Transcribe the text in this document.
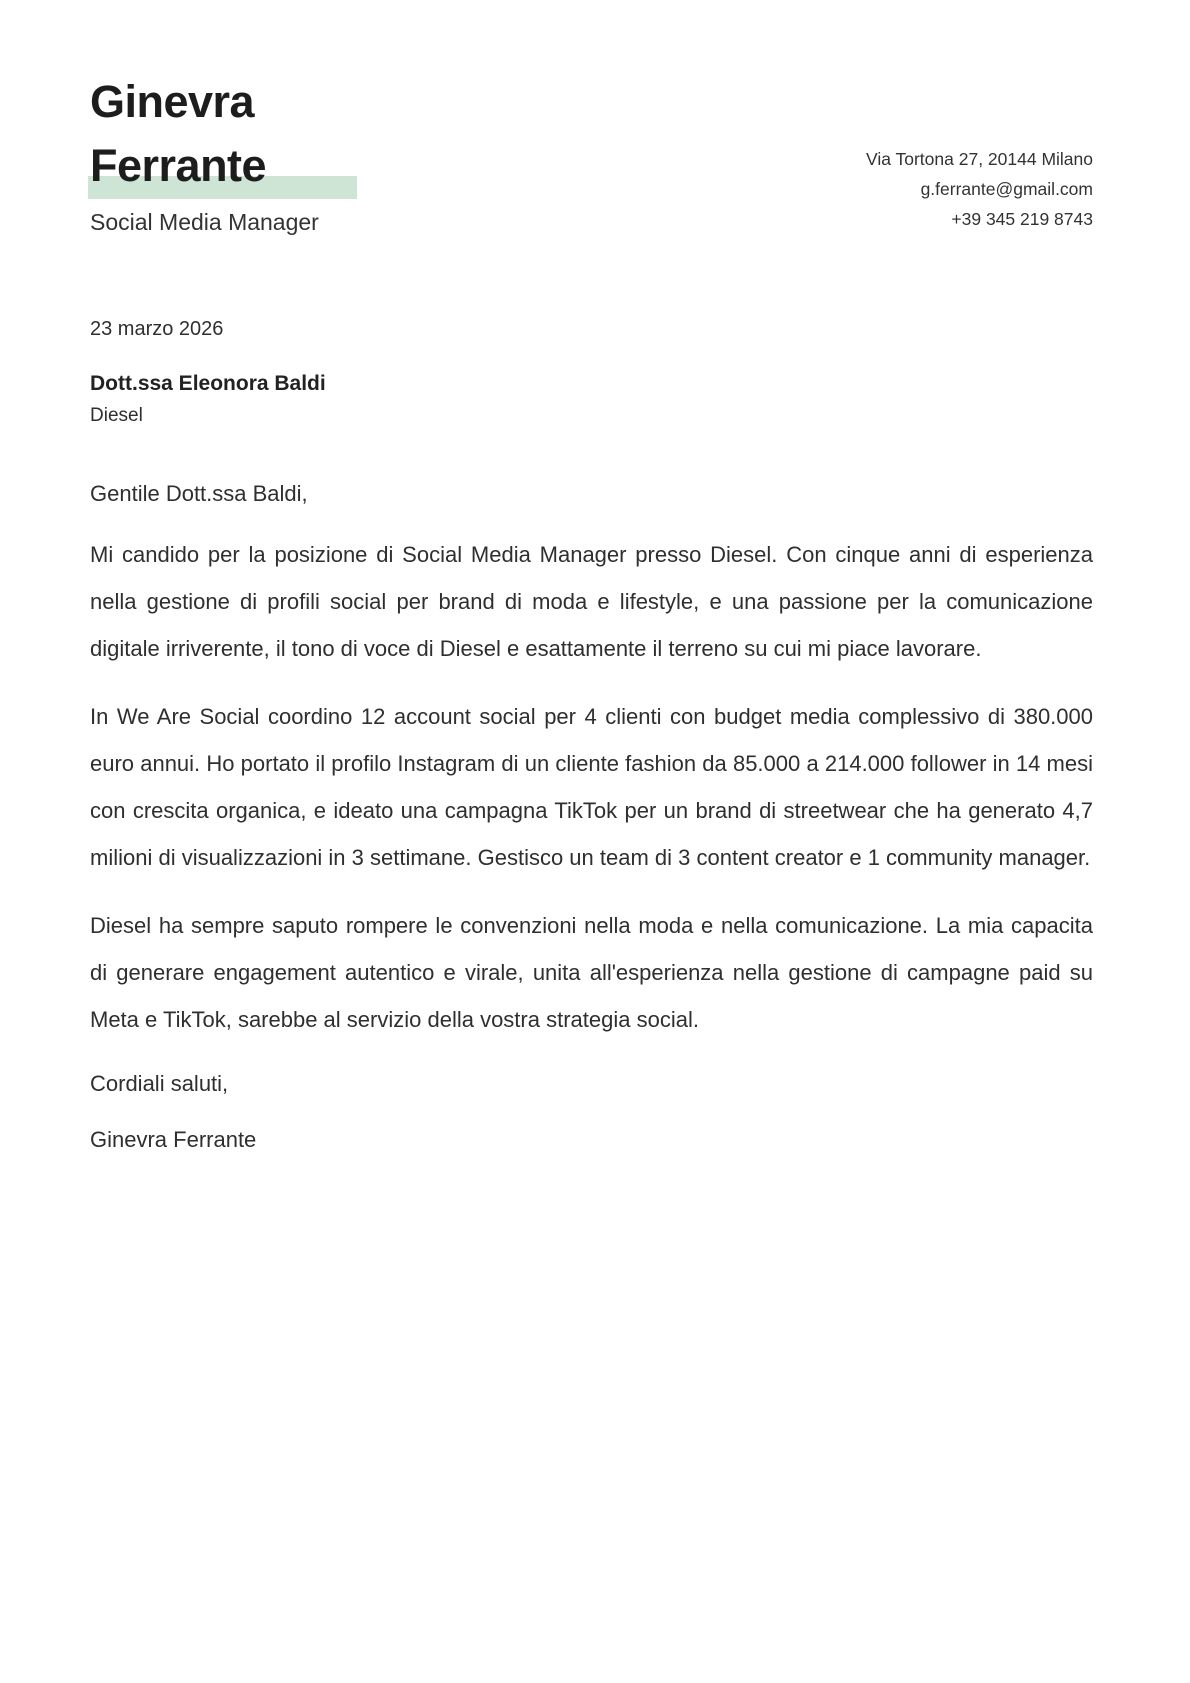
Ginevra
Ferrante
Social Media Manager
Via Tortona 27, 20144 Milano
g.ferrante@gmail.com
+39 345 219 8743

23 marzo 2026

Dott.ssa Eleonora Baldi

Diesel

Gentile Dott.ssa Baldi,

Mi candido per la posizione di Social Media Manager presso Diesel. Con cinque anni di esperienza nella gestione di profili social per brand di moda e lifestyle, e una passione per la comunicazione digitale irriverente, il tono di voce di Diesel e esattamente il terreno su cui mi piace lavorare.

In We Are Social coordino 12 account social per 4 clienti con budget media complessivo di 380.000 euro annui. Ho portato il profilo Instagram di un cliente fashion da 85.000 a 214.000 follower in 14 mesi con crescita organica, e ideato una campagna TikTok per un brand di streetwear che ha generato 4,7 milioni di visualizzazioni in 3 settimane. Gestisco un team di 3 content creator e 1 community manager.

Diesel ha sempre saputo rompere le convenzioni nella moda e nella comunicazione. La mia capacita di generare engagement autentico e virale, unita all'esperienza nella gestione di campagne paid su Meta e TikTok, sarebbe al servizio della vostra strategia social.

Cordiali saluti,

Ginevra Ferrante
